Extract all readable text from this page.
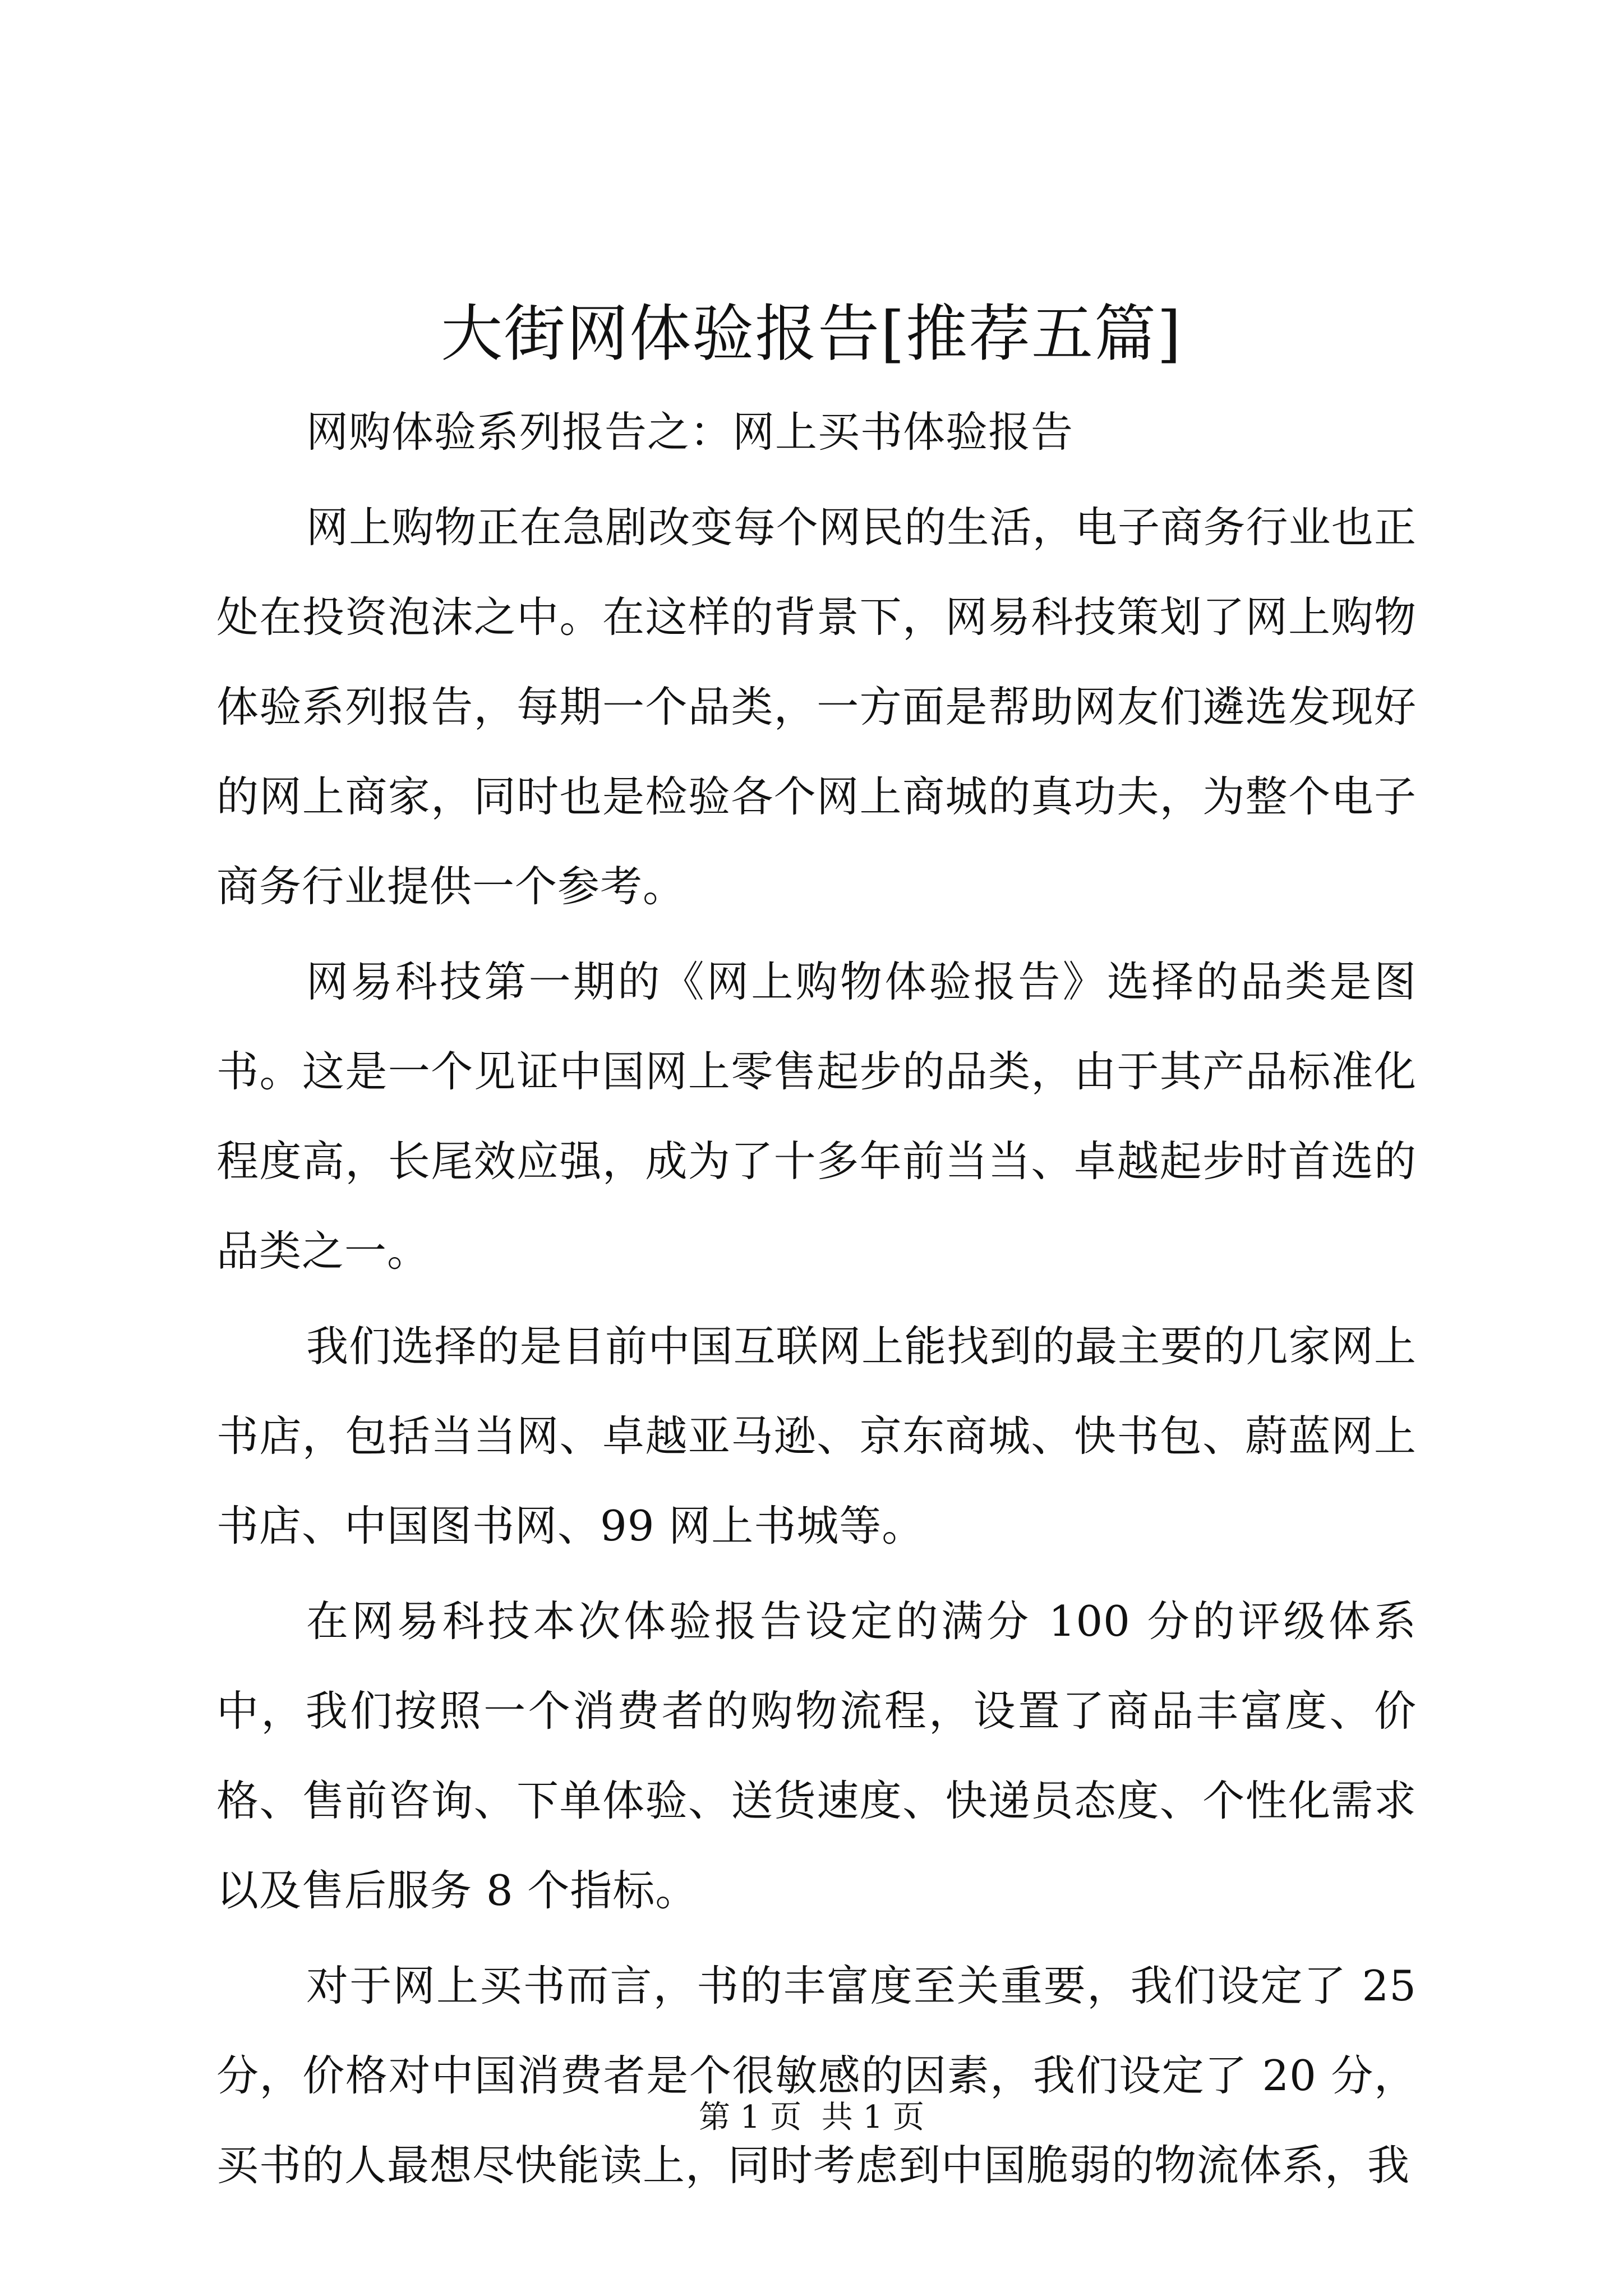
大街网体验报告[推荐五篇]

网购体验系列报告之：网上买书体验报告

网上购物正在急剧改变每个网民的生活，电子商务行业也正处在投资泡沫之中。在这样的背景下，网易科技策划了网上购物体验系列报告，每期一个品类，一方面是帮助网友们遴选发现好的网上商家，同时也是检验各个网上商城的真功夫，为整个电子商务行业提供一个参考。

网易科技第一期的《网上购物体验报告》选择的品类是图书。这是一个见证中国网上零售起步的品类，由于其产品标准化程度高，长尾效应强，成为了十多年前当当、卓越起步时首选的品类之一。

我们选择的是目前中国互联网上能找到的最主要的几家网上书店，包括当当网、卓越亚马逊、京东商城、快书包、蔚蓝网上书店、中国图书网、99 网上书城等。

在网易科技本次体验报告设定的满分 100 分的评级体系中，我们按照一个消费者的购物流程，设置了商品丰富度、价格、售前咨询、下单体验、送货速度、快递员态度、个性化需求以及售后服务 8 个指标。

对于网上买书而言，书的丰富度至关重要，我们设定了 25分，价格对中国消费者是个很敏感的因素，我们设定了 20 分，买书的人最想尽快能读上，同时考虑到中国脆弱的物流体系，我

第 1 页  共 1 页
